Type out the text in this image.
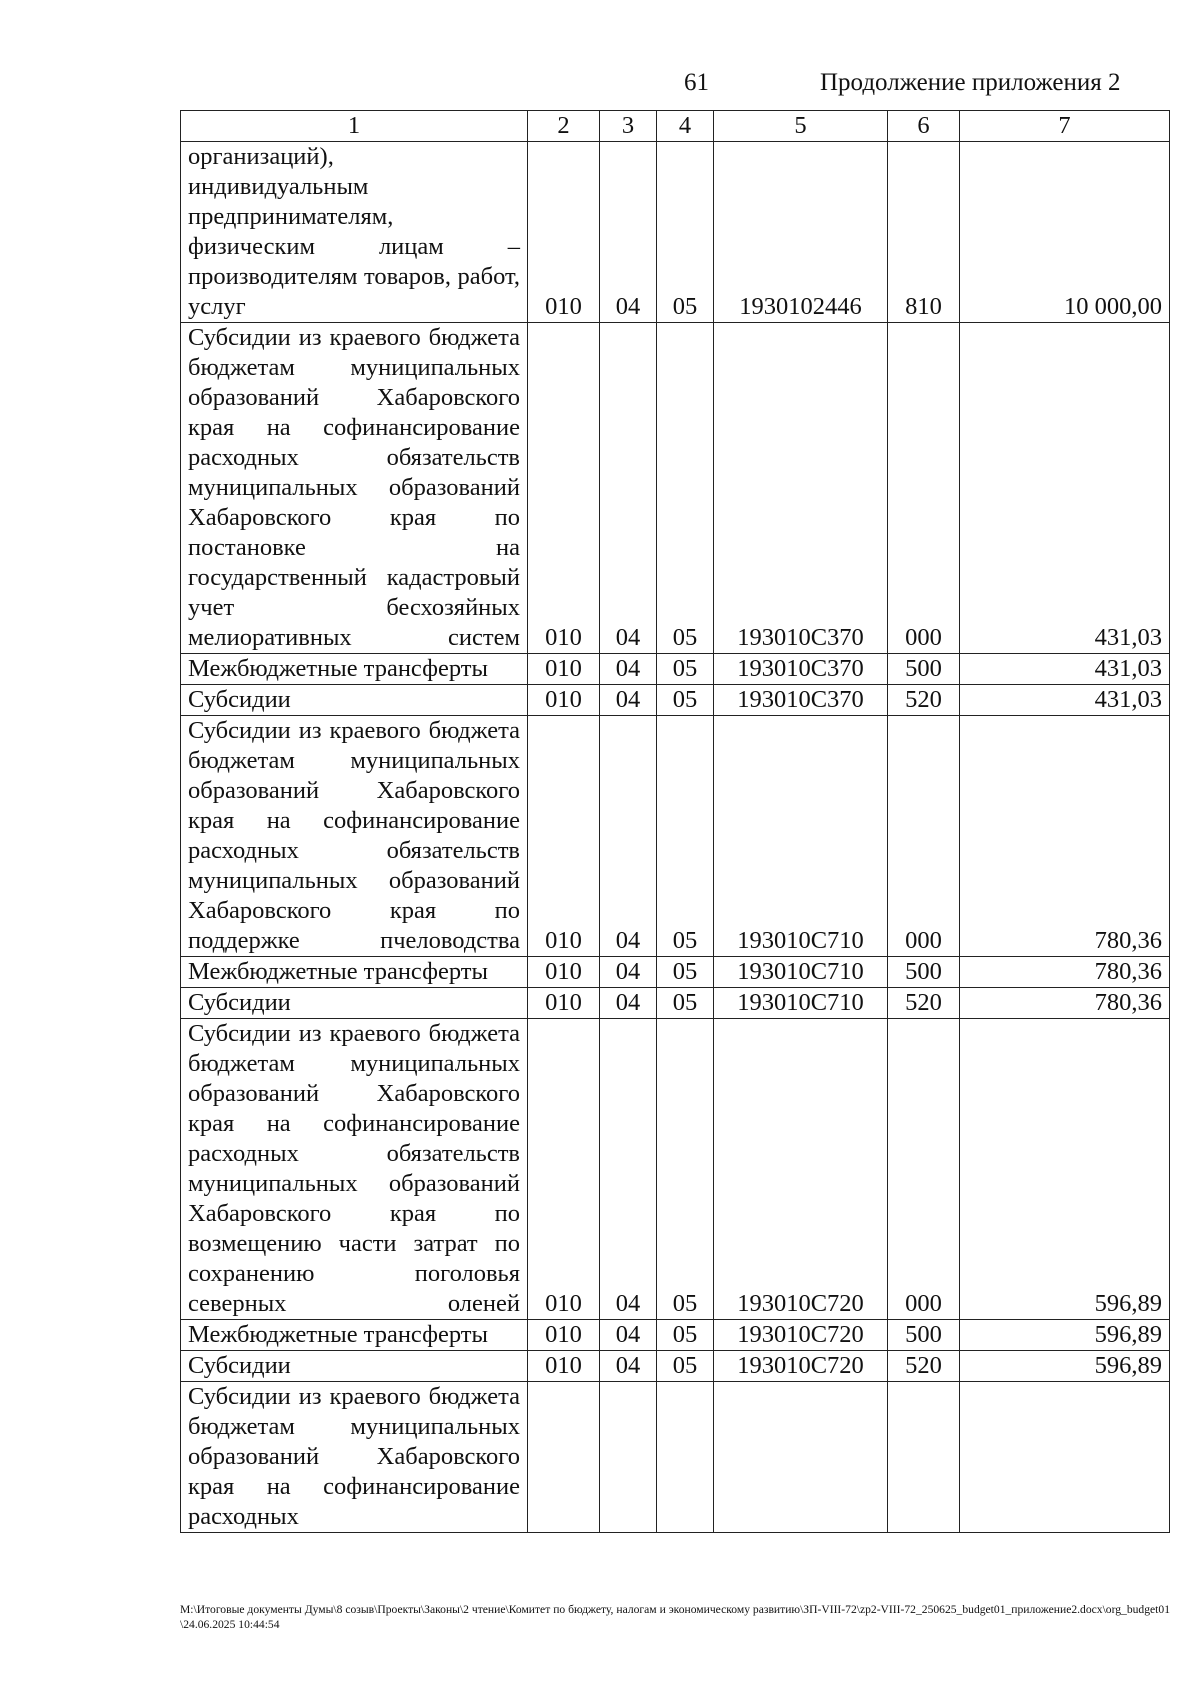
61	Продолжение приложения 2
1	2	3	4	5	6	7
организаций), индивидуальным предпринимателям, физическим лицам – производителям товаров, работ, услуг	010	04	05	1930102446	810	10 000,00
Субсидии из краевого бюджета бюджетам муниципальных образований Хабаровского края на софинансирование расходных обязательств муниципальных образований Хабаровского края по постановке на государственный кадастровый учет бесхозяйных мелиоративных систем	010	04	05	193010С370	000	431,03
Межбюджетные трансферты	010	04	05	193010С370	500	431,03
Субсидии	010	04	05	193010С370	520	431,03
Субсидии из краевого бюджета бюджетам муниципальных образований Хабаровского края на софинансирование расходных обязательств муниципальных образований Хабаровского края по поддержке пчеловодства	010	04	05	193010С710	000	780,36
Межбюджетные трансферты	010	04	05	193010С710	500	780,36
Субсидии	010	04	05	193010С710	520	780,36
Субсидии из краевого бюджета бюджетам муниципальных образований Хабаровского края на софинансирование расходных обязательств муниципальных образований Хабаровского края по возмещению части затрат по сохранению поголовья северных оленей	010	04	05	193010С720	000	596,89
Межбюджетные трансферты	010	04	05	193010С720	500	596,89
Субсидии	010	04	05	193010С720	520	596,89
Субсидии из краевого бюджета бюджетам муниципальных образований Хабаровского края на софинансирование расходных						
M:\Итоговые документы Думы\8 созыв\Проекты\Законы\2 чтение\Комитет по бюджету, налогам и экономическому развитию\ЗП-VIII-72\zp2-VIII-72_250625_budget01_приложение2.docx\org_budget01\24.06.2025 10:44:54
